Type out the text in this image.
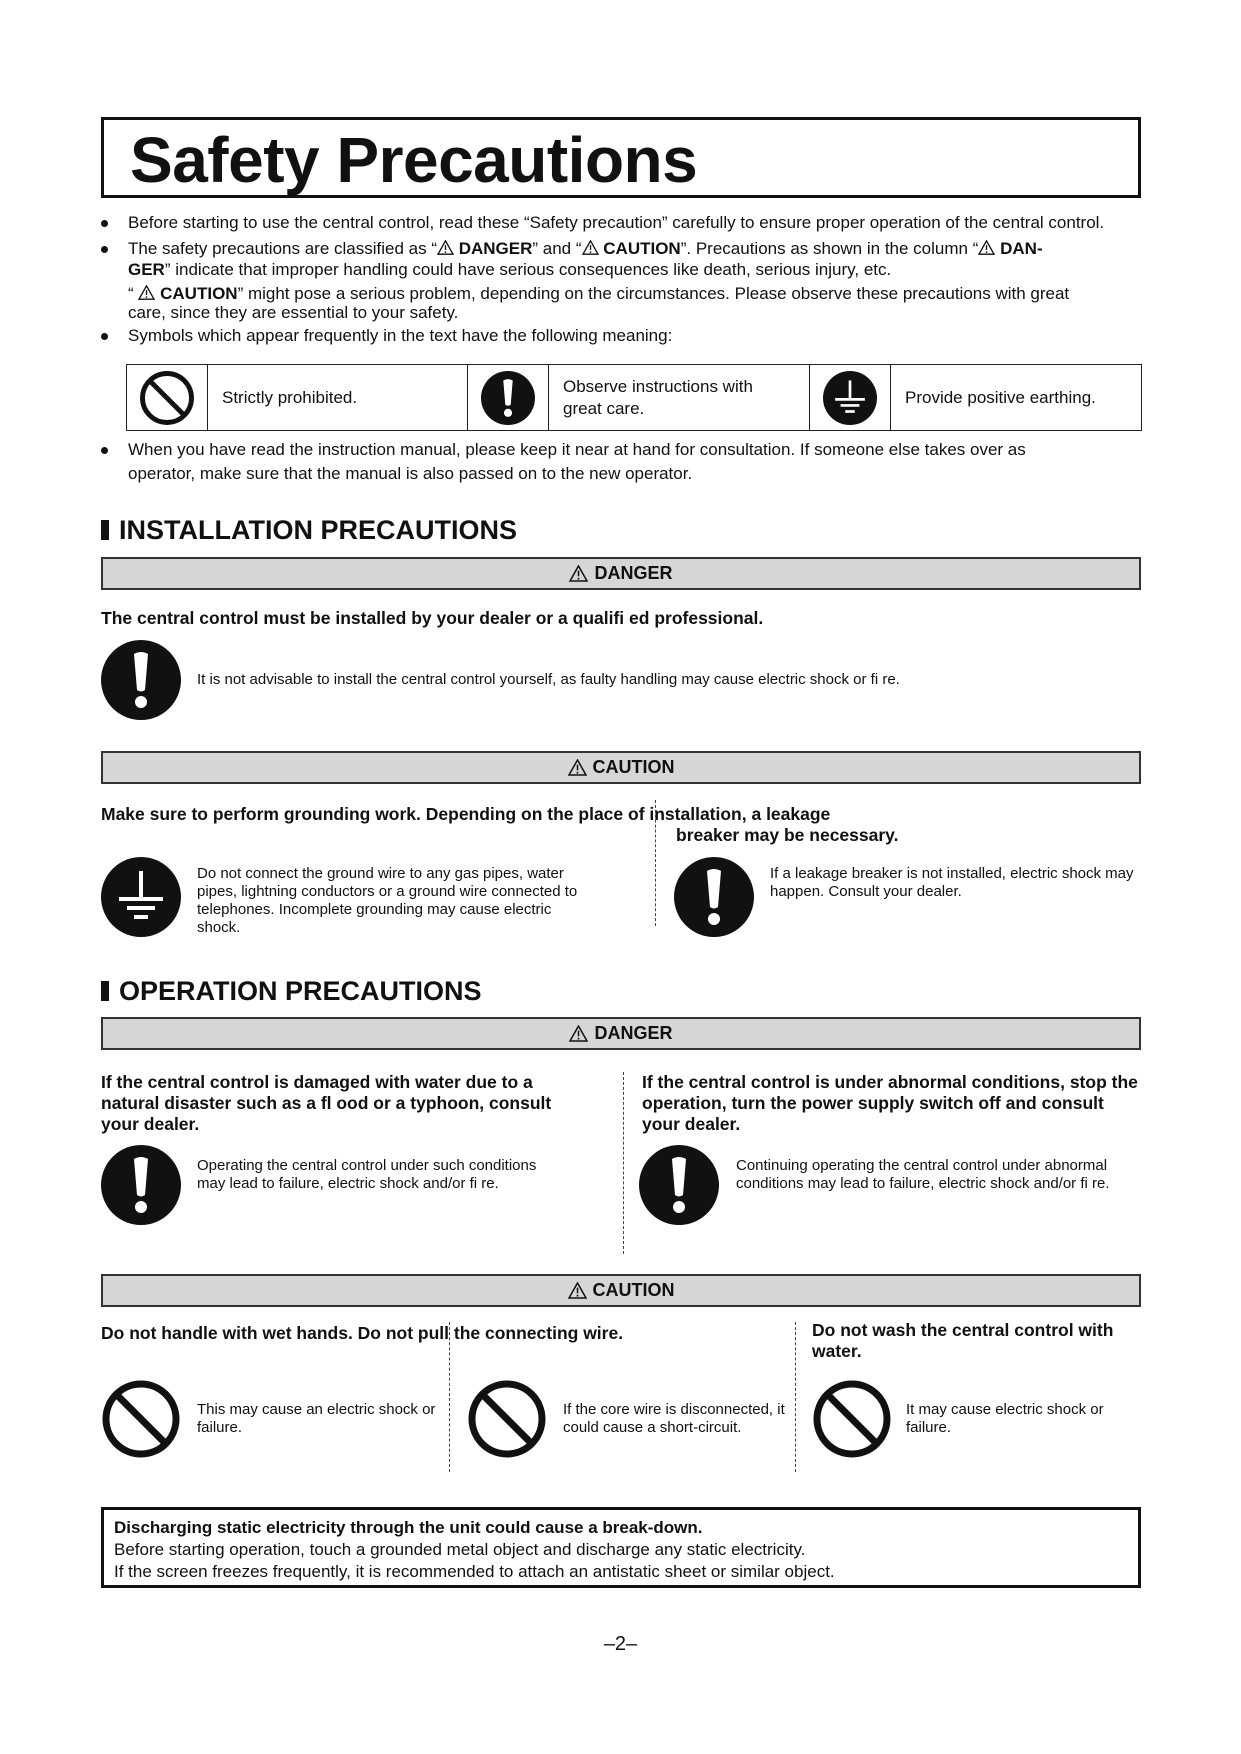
Safety Precautions
Before starting to use the central control, read these “Safety precaution” carefully to ensure proper operation of the central control.
The safety precautions are classified as “ DANGER” and “ CAUTION”. Precautions as shown in the column “ DAN-
GER” indicate that improper handling could have serious consequences like death, serious injury, etc.
“  CAUTION” might pose a serious problem, depending on the circumstances. Please observe these precautions with great
care, since they are essential to your safety.
Symbols which appear frequently in the text have the following meaning:
Strictly prohibited.
Observe instructions with great care.
Provide positive earthing.
When you have read the instruction manual, please keep it near at hand for consultation. If someone else takes over as
operator, make sure that the manual is also passed on to the new operator.
INSTALLATION PRECAUTIONS
DANGER
The central control must be installed by your dealer or a qualifi ed professional.
It is not advisable to install the central control yourself, as faulty handling may cause electric shock or fi re.
CAUTION
Make sure to perform grounding work. Depending on the place of installation, a leakage
breaker may be necessary.
Do not connect the ground wire to any gas pipes, water pipes, lightning conductors or a ground wire connected to telephones. Incomplete grounding may cause electric shock.
If a leakage breaker is not installed, electric shock may happen. Consult your dealer.
OPERATION PRECAUTIONS
DANGER
If the central control is damaged with water due to a natural disaster such as a fl ood or a typhoon, consult your dealer.
If the central control is under abnormal conditions, stop the operation, turn the power supply switch off and consult your dealer.
Operating the central control under such conditions may lead to failure, electric shock and/or fi re.
Continuing operating the central control under abnormal conditions may lead to failure, electric shock and/or fi re.
CAUTION
Do not handle with wet hands. Do not pull the connecting wire.	Do not wash the central control with water.
This may cause an electric shock or failure.
If the core wire is disconnected, it could cause a short-circuit.
It may cause electric shock or failure.
Discharging static electricity through the unit could cause a break-down.
Before starting operation, touch a grounded metal object and discharge any static electricity.
If the screen freezes frequently, it is recommended to attach an antistatic sheet or similar object.
–2–
